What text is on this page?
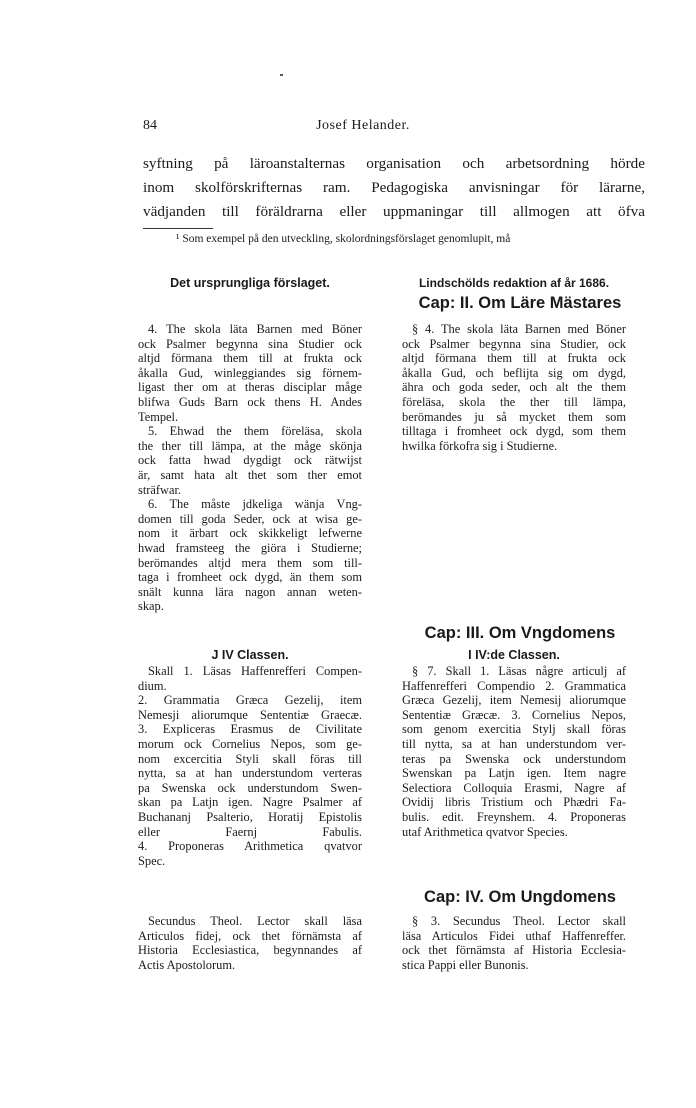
84	Josef Helander.
syftning på läroanstalternas organisation och arbetsordning hörde
inom skolförskrifternas ram. Pedagogiska anvisningar för lärarne,
vädjanden till föräldrarna eller uppmaningar till allmogen att öfva
¹ Som exempel på den utveckling, skolordningsförslaget genomlupit, må
Det ursprungliga förslaget.	Lindschölds redaktion af år 1686.
Cap: II. Om Läre Mästares
4. The skola läta Barnen med Böner
ock Psalmer begynna sina Studier ock
altjd förmana them till at frukta ock
åkalla Gud, winleggiandes sig förnem-
ligast ther om at theras disciplar måge
blifwa Guds Barn ock thens H. Andes
Tempel.
5. Ehwad the them föreläsa, skola
the ther till lämpa, at the måge skönja
ock fatta hwad dygdigt ock rätwijst
är, samt hata alt thet som ther emot
sträfwar.
6. The måste jdkeliga wänja Vng-
domen till goda Seder, ock at wisa ge-
nom it ärbart ock skikkeligt lefwerne
hwad framsteeg the giöra i Studierne;
berömandes altjd mera them som till-
taga i fromheet ock dygd, än them som
snält kunna lära nagon annan weten-
skap.
§ 4. The skola läta Barnen med Böner
ock Psalmer begynna sina Studier, ock
altjd förmana them till at frukta ock
åkalla Gud, och beflijta sig om dygd,
ähra och goda seder, och alt the them
föreläsa, skola the ther till lämpa,
berömandes ju så mycket them som
tilltaga i fromheet ock dygd, som them
hwilka förkofra sig i Studierne.
Cap: III. Om Vngdomens
J IV Classen.	I IV:de Classen.
Skall 1. Läsas Haffenrefferi Compen-
dium.
2. Grammatia Græca Gezelij, item
Nemesji aliorumque Sententiæ Graecæ.
3. Expliceras Erasmus de Civilitate
morum ock Cornelius Nepos, som ge-
nom excercitia Styli skall föras till
nytta, sa at han understundom verteras
pa Swenska ock understundom Swen-
skan pa Latjn igen. Nagre Psalmer af
Buchananj Psalterio, Horatij Epistolis
eller Faernj Fabulis.
4. Proponeras Arithmetica qvatvor
Spec.
§ 7. Skall 1. Läsas någre articulj af
Haffenrefferi Compendio 2. Grammatica
Græca Gezelij, item Nemesij aliorumque
Sententiæ Græcæ. 3. Cornelius Nepos,
som genom exercitia Stylj skall föras
till nytta, sa at han understundom ver-
teras pa Swenska ock understundom
Swenskan pa Latjn igen. Item nagre
Selectiora Colloquia Erasmi, Nagre af
Ovidij libris Tristium och Phædri Fa-
bulis. edit. Freynshem. 4. Proponeras
utaf Arithmetica qvatvor Species.
Cap: IV. Om Ungdomens
Secundus Theol. Lector skall läsa
Articulos fidej, ock thet förnämsta af
Historia Ecclesiastica, begynnandes af
Actis Apostolorum.
§ 3. Secundus Theol. Lector skall
läsa Articulos Fidei uthaf Haffenreffer.
ock thet förnämsta af Historia Ecclesia-
stica Pappi eller Bunonis.
